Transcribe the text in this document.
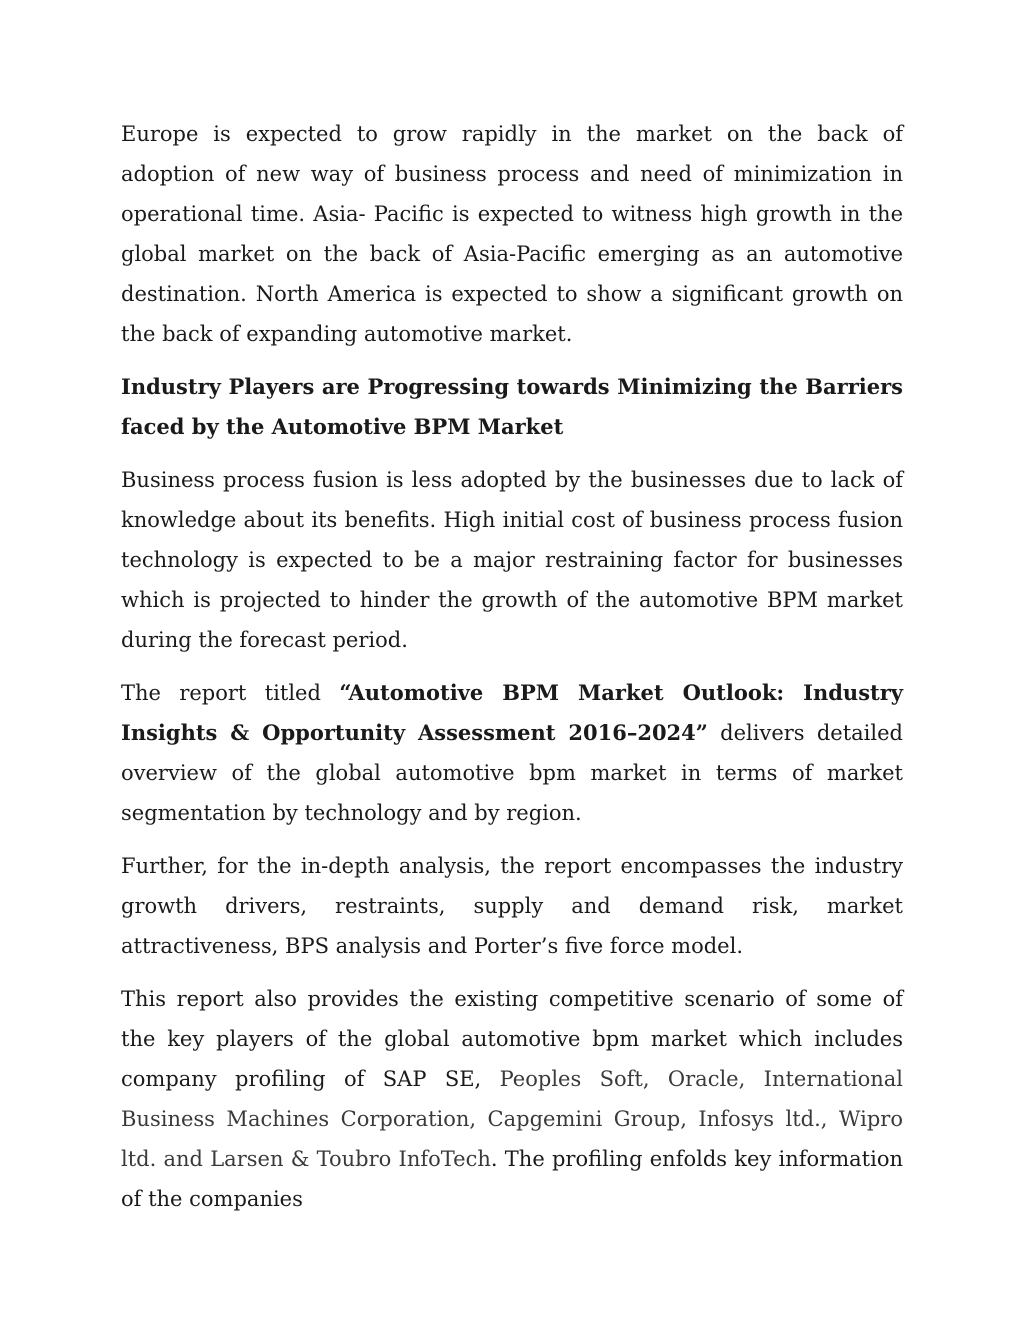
Europe is expected to grow rapidly in the market on the back of adoption of new way of business process and need of minimization in operational time. Asia- Pacific is expected to witness high growth in the global market on the back of Asia-Pacific emerging as an automotive destination. North America is expected to show a significant growth on the back of expanding automotive market.

Industry Players are Progressing towards Minimizing the Barriers faced by the Automotive BPM Market

Business process fusion is less adopted by the businesses due to lack of knowledge about its benefits. High initial cost of business process fusion technology is expected to be a major restraining factor for businesses which is projected to hinder the growth of the automotive BPM market during the forecast period.

The report titled “Automotive BPM Market Outlook: Industry Insights & Opportunity Assessment 2016–2024” delivers detailed overview of the global automotive bpm market in terms of market segmentation by technology and by region.

Further, for the in-depth analysis, the report encompasses the industry growth drivers, restraints, supply and demand risk, market attractiveness, BPS analysis and Porter’s five force model.

This report also provides the existing competitive scenario of some of the key players of the global automotive bpm market which includes company profiling of SAP SE, Peoples Soft, Oracle, International Business Machines Corporation, Capgemini Group, Infosys ltd., Wipro ltd. and Larsen & Toubro InfoTech. The profiling enfolds key information of the companies
